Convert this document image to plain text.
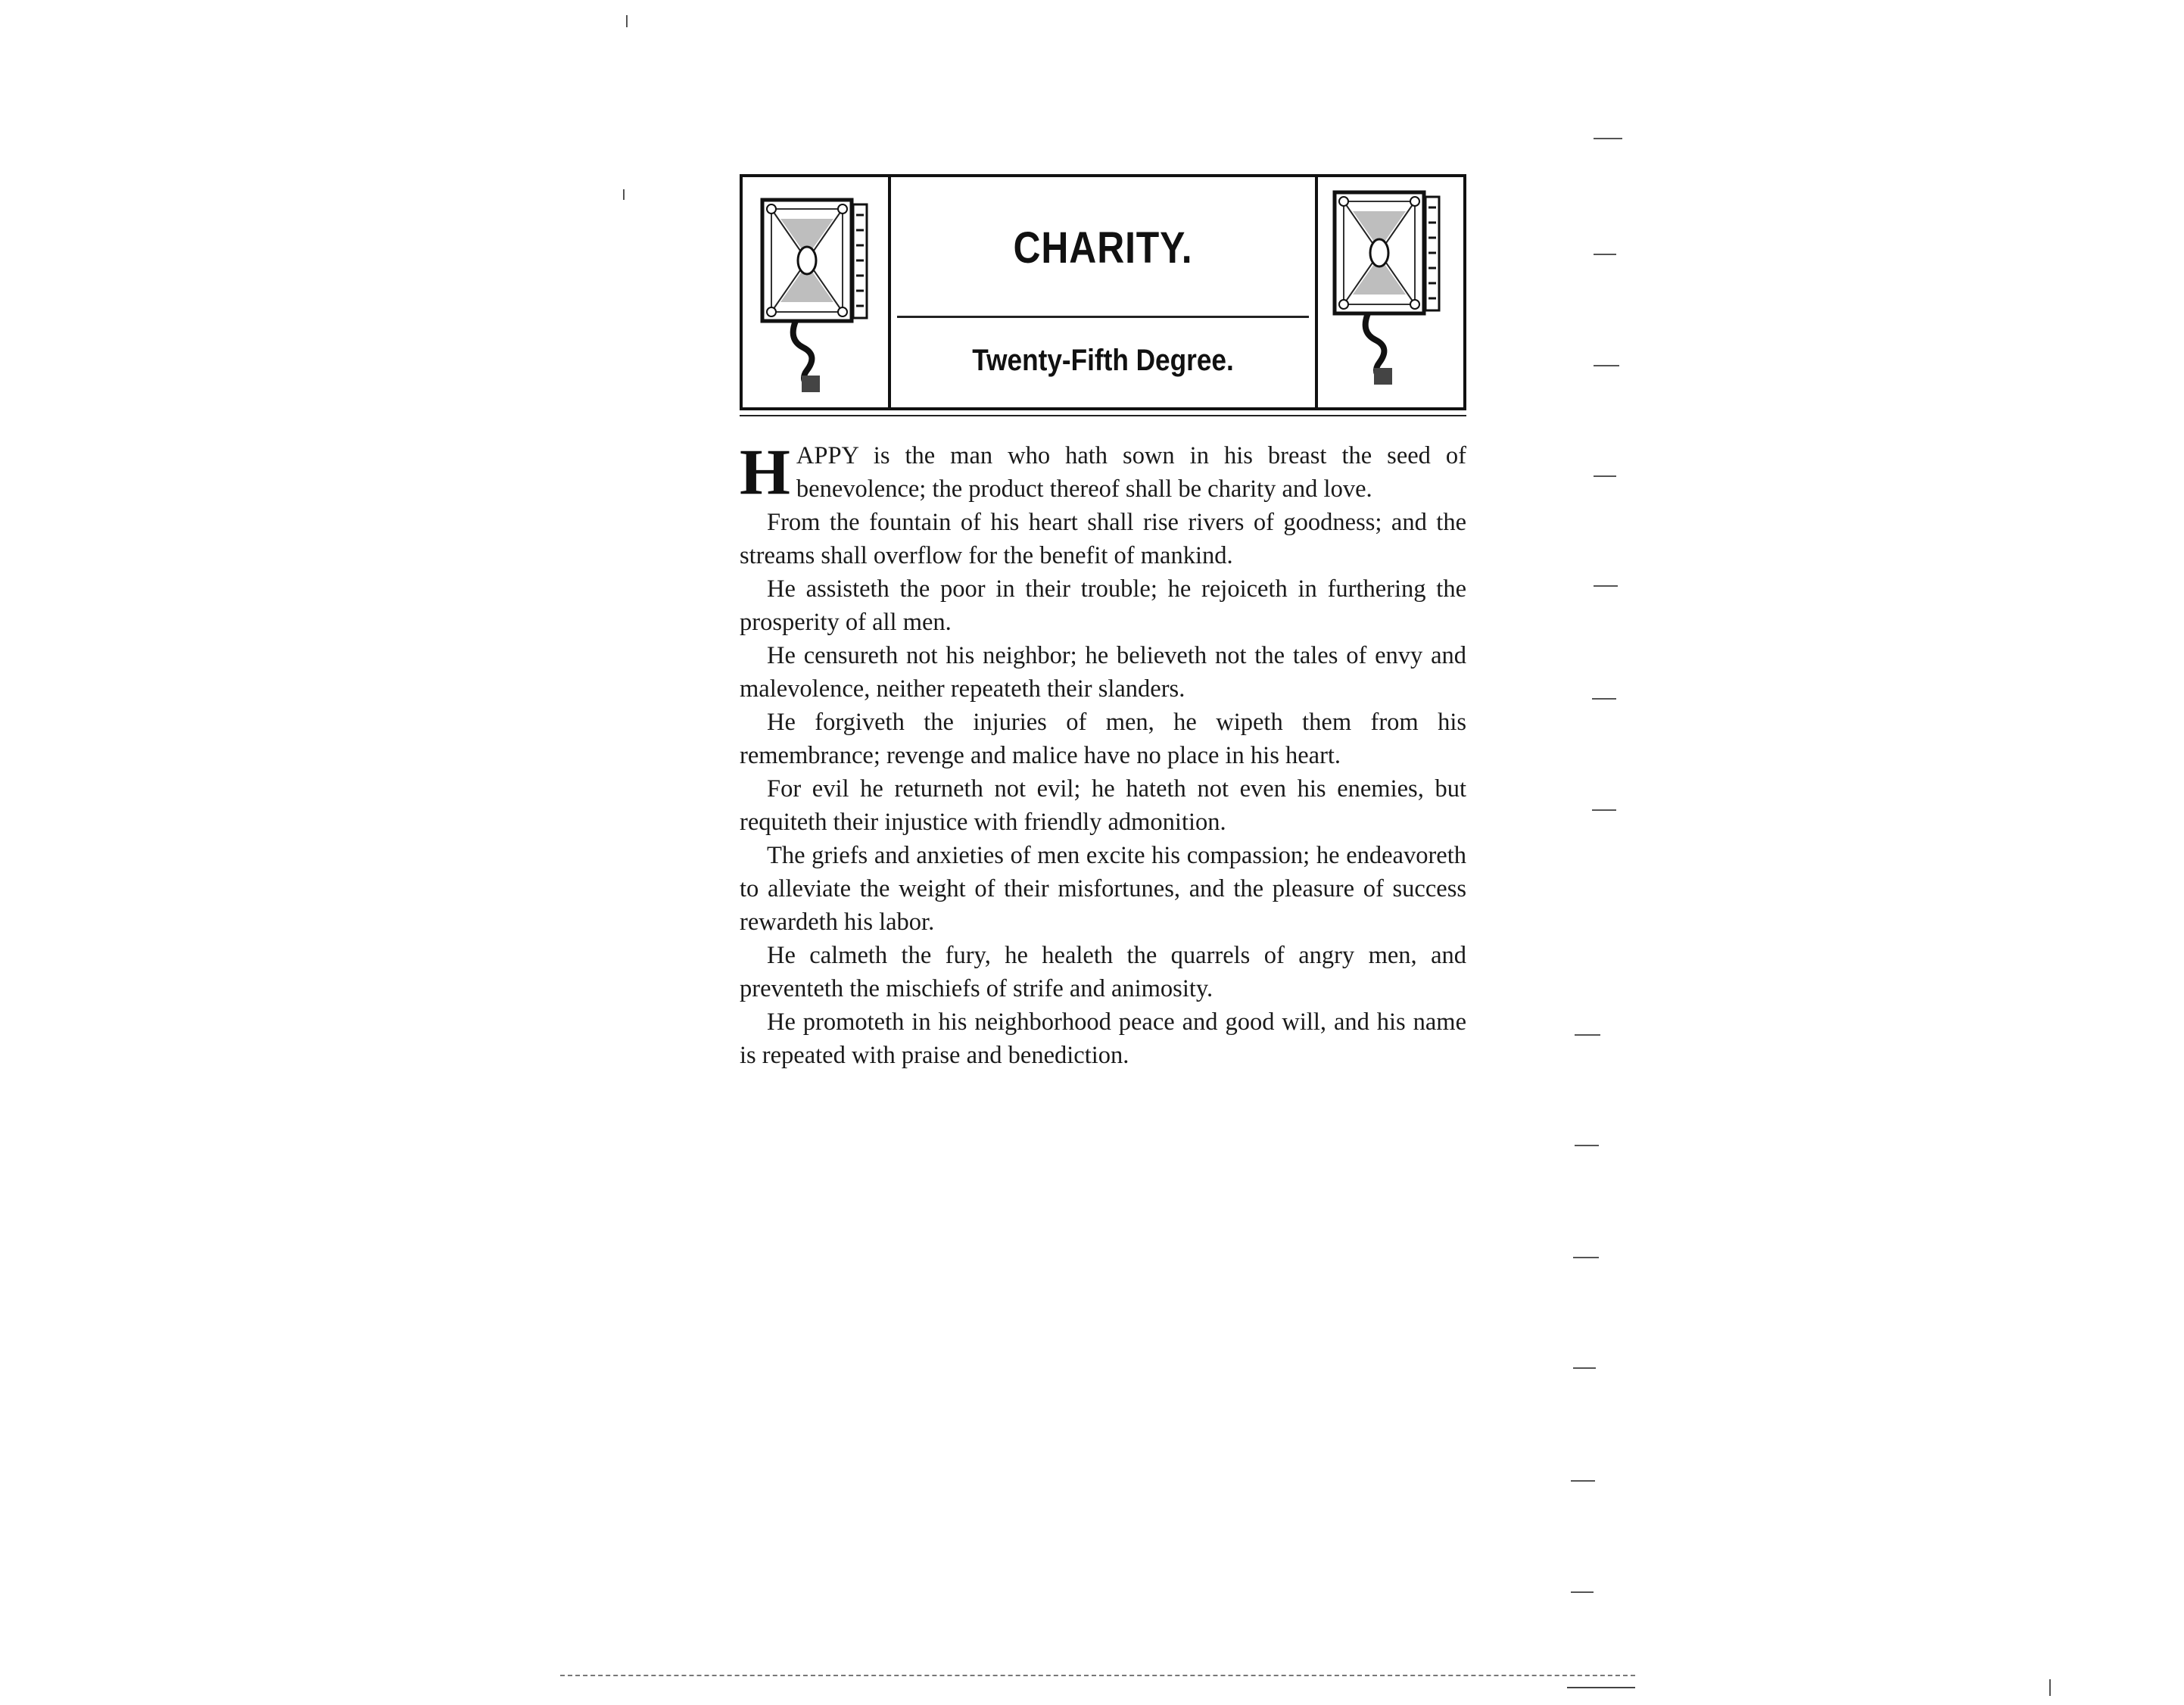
CHARITY.
Twenty-Fifth Degree.

HAPPY is the man who hath sown in his breast the seed of benevolence; the product thereof shall be charity and love.

From the fountain of his heart shall rise rivers of goodness; and the streams shall overflow for the benefit of mankind.

He assisteth the poor in their trouble; he rejoiceth in furthering the prosperity of all men.

He censureth not his neighbor; he believeth not the tales of envy and malevolence, neither repeateth their slanders.

He forgiveth the injuries of men, he wipeth them from his remembrance; revenge and malice have no place in his heart.

For evil he returneth not evil; he hateth not even his enemies, but requiteth their injustice with friendly admonition.

The griefs and anxieties of men excite his compassion; he endeavoreth to alleviate the weight of their misfortunes, and the pleasure of success rewardeth his labor.

He calmeth the fury, he healeth the quarrels of angry men, and preventeth the mischiefs of strife and animosity.

He promoteth in his neighborhood peace and good will, and his name is repeated with praise and benediction.
